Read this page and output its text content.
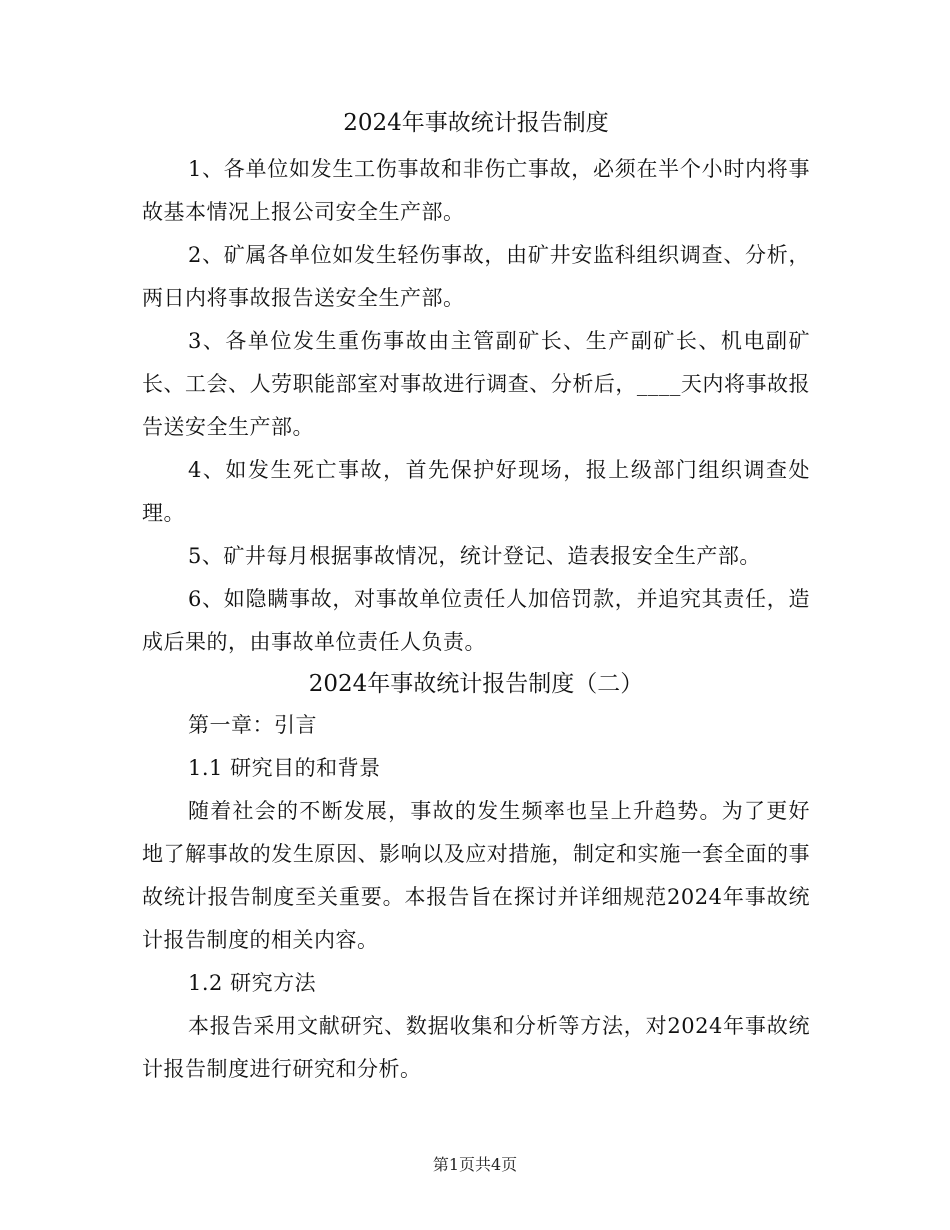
2024年事故统计报告制度

1、各单位如发生工伤事故和非伤亡事故，必须在半个小时内将事故基本情况上报公司安全生产部。

2、矿属各单位如发生轻伤事故，由矿井安监科组织调查、分析，两日内将事故报告送安全生产部。

3、各单位发生重伤事故由主管副矿长、生产副矿长、机电副矿长、工会、人劳职能部室对事故进行调查、分析后，____天内将事故报告送安全生产部。

4、如发生死亡事故，首先保护好现场，报上级部门组织调查处理。

5、矿井每月根据事故情况，统计登记、造表报安全生产部。

6、如隐瞒事故，对事故单位责任人加倍罚款，并追究其责任，造成后果的，由事故单位责任人负责。

2024年事故统计报告制度（二）

第一章：引言

1.1 研究目的和背景

随着社会的不断发展，事故的发生频率也呈上升趋势。为了更好地了解事故的发生原因、影响以及应对措施，制定和实施一套全面的事故统计报告制度至关重要。本报告旨在探讨并详细规范2024年事故统计报告制度的相关内容。

1.2 研究方法

本报告采用文献研究、数据收集和分析等方法，对2024年事故统计报告制度进行研究和分析。

第1页共4页
